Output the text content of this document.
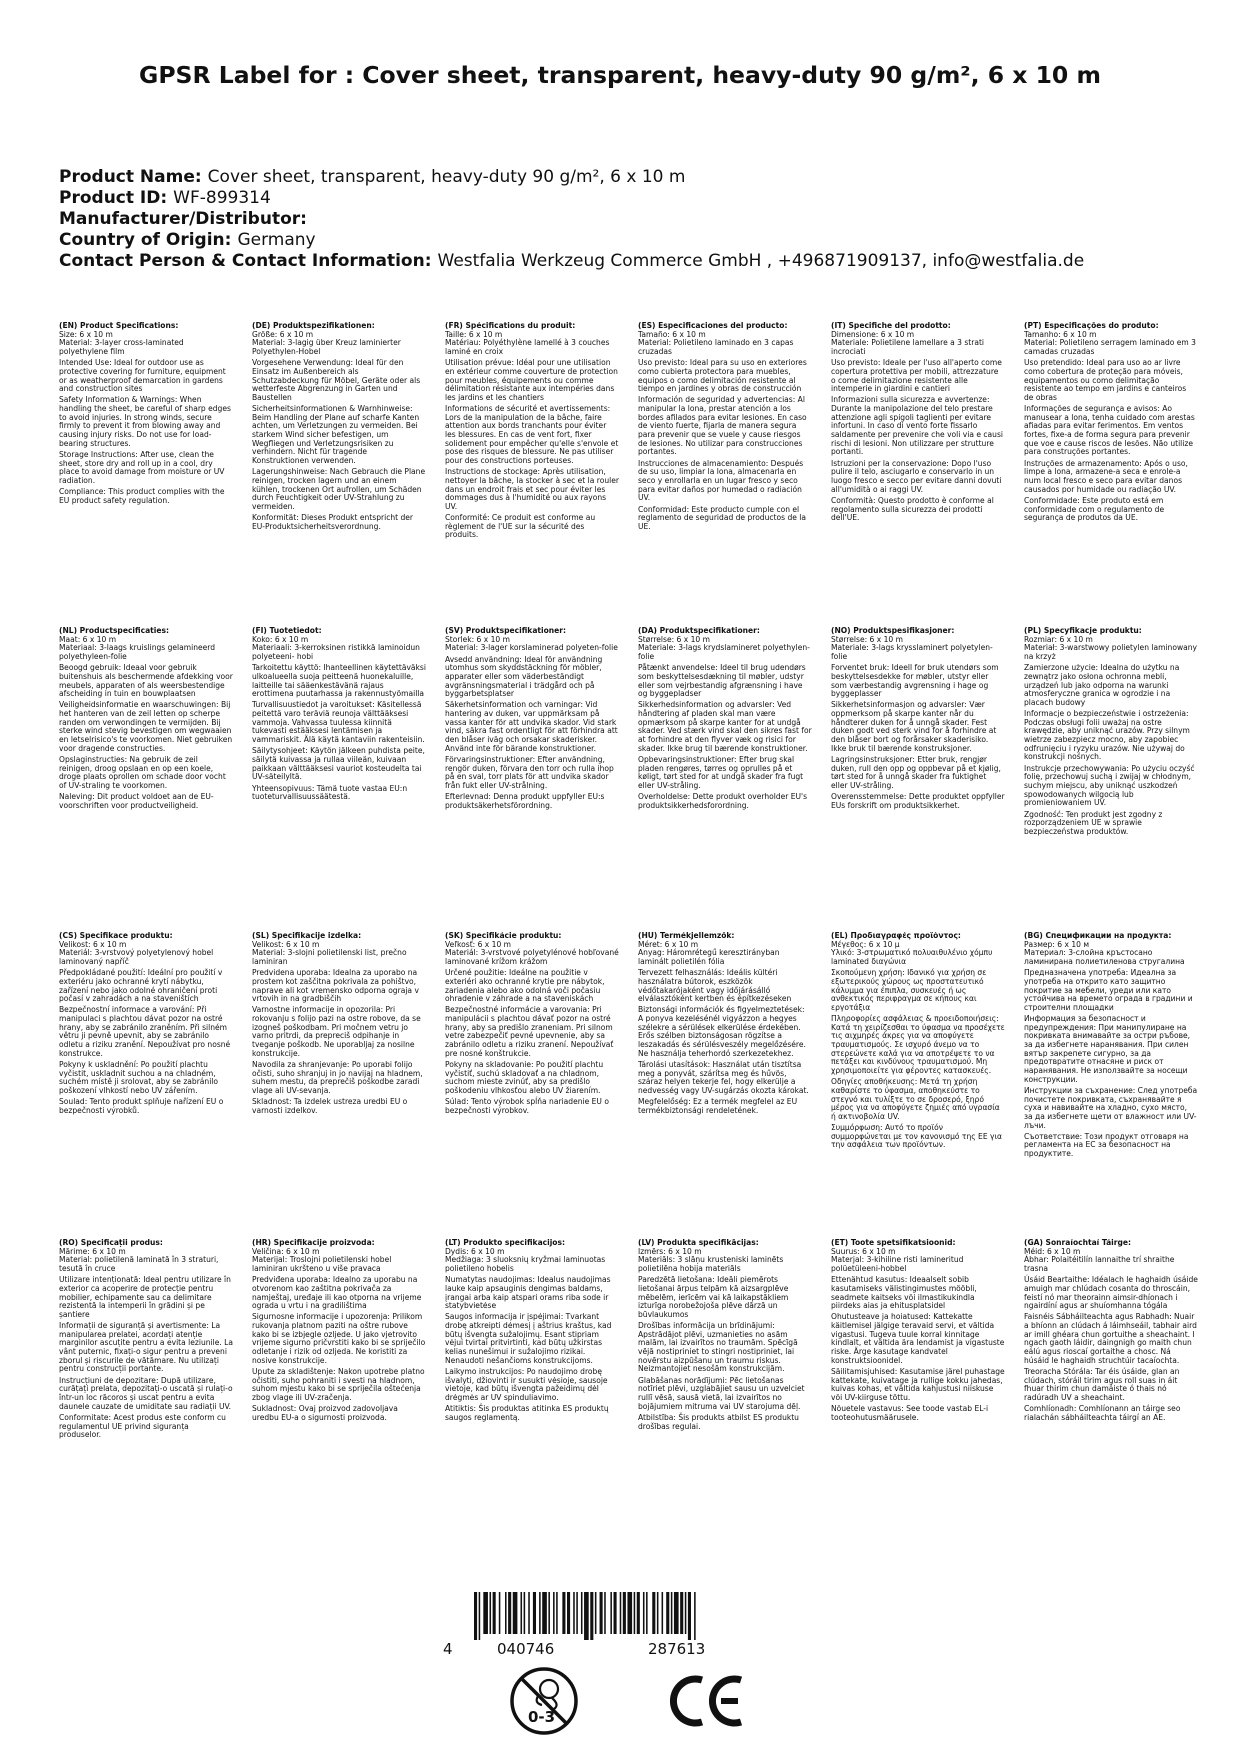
GPSR Label for : Cover sheet, transparent, heavy-duty 90 g/m², 6 x 10 m
Product Name: Cover sheet, transparent, heavy-duty 90 g/m², 6 x 10 m
Product ID: WF-899314
Manufacturer/Distributor:
Country of Origin: Germany
Contact Person & Contact Information: Westfalia Werkzeug Commerce GmbH , +496871909137, info@westfalia.de
(EN) Product Specifications:

Size: 6 x 10 m
Material: 3-layer cross-laminated polyethylene film

Intended Use: Ideal for outdoor use as protective covering for furniture, equipment or as weatherproof demarcation in gardens and construction sites

Safety Information & Warnings: When handling the sheet, be careful of sharp edges to avoid injuries. In strong winds, secure firmly to prevent it from blowing away and causing injury risks. Do not use for load-bearing structures.

Storage Instructions: After use, clean the sheet, store dry and roll up in a cool, dry place to avoid damage from moisture or UV radiation.

Compliance: This product complies with the EU product safety regulation.

(DE) Produktspezifikationen:

Größe: 6 x 10 m
Material: 3-lagig über Kreuz laminierter Polyethylen-Hobel

Vorgesehene Verwendung: Ideal für den Einsatz im Außenbereich als Schutzabdeckung für Möbel, Geräte oder als wetterfeste Abgrenzung in Garten und Baustellen

Sicherheitsinformationen & Warnhinweise: Beim Handling der Plane auf scharfe Kanten achten, um Verletzungen zu vermeiden. Bei starkem Wind sicher befestigen, um Wegfliegen und Verletzungsrisiken zu verhindern. Nicht für tragende Konstruktionen verwenden.

Lagerungshinweise: Nach Gebrauch die Plane reinigen, trocken lagern und an einem kühlen, trockenen Ort aufrollen, um Schäden durch Feuchtigkeit oder UV-Strahlung zu vermeiden.

Konformität: Dieses Produkt entspricht der EU-Produktsicherheitsverordnung.

(FR) Spécifications du produit:

Taille: 6 x 10 m
Matériau: Polyéthylène lamellé à 3 couches laminé en croix

Utilisation prévue: Idéal pour une utilisation en extérieur comme couverture de protection pour meubles, équipements ou comme délimitation résistante aux intempéries dans les jardins et les chantiers

Informations de sécurité et avertissements: Lors de la manipulation de la bâche, faire attention aux bords tranchants pour éviter les blessures. En cas de vent fort, fixer solidement pour empêcher qu'elle s'envole et pose des risques de blessure. Ne pas utiliser pour des constructions porteuses.

Instructions de stockage: Après utilisation, nettoyer la bâche, la stocker à sec et la rouler dans un endroit frais et sec pour éviter les dommages dus à l'humidité ou aux rayons UV.

Conformité: Ce produit est conforme au règlement de l'UE sur la sécurité des produits.

(ES) Especificaciones del producto:

Tamaño: 6 x 10 m
Material: Polietileno laminado en 3 capas cruzadas

Uso previsto: Ideal para su uso en exteriores como cubierta protectora para muebles, equipos o como delimitación resistente al tiempo en jardines y obras de construcción

Información de seguridad y advertencias: Al manipular la lona, prestar atención a los bordes afilados para evitar lesiones. En caso de viento fuerte, fijarla de manera segura para prevenir que se vuele y cause riesgos de lesiones. No utilizar para construcciones portantes.

Instrucciones de almacenamiento: Después de su uso, limpiar la lona, almacenarla en seco y enrollarla en un lugar fresco y seco para evitar daños por humedad o radiación UV.

Conformidad: Este producto cumple con el reglamento de seguridad de productos de la UE.

(IT) Specifiche del prodotto:

Dimensione: 6 x 10 m
Materiale: Polietilene lamellare a 3 strati incrociati

Uso previsto: Ideale per l'uso all'aperto come copertura protettiva per mobili, attrezzature o come delimitazione resistente alle intemperie in giardini e cantieri

Informazioni sulla sicurezza e avvertenze: Durante la manipolazione del telo prestare attenzione agli spigoli taglienti per evitare infortuni. In caso di vento forte fissarlo saldamente per prevenire che voli via e causi rischi di lesioni. Non utilizzare per strutture portanti.

Istruzioni per la conservazione: Dopo l'uso pulire il telo, asciugarlo e conservarlo in un luogo fresco e secco per evitare danni dovuti all'umidità o ai raggi UV.

Conformità: Questo prodotto è conforme al regolamento sulla sicurezza dei prodotti dell'UE.

(PT) Especificações do produto:

Tamanho: 6 x 10 m
Material: Polietileno serragem laminado em 3 camadas cruzadas

Uso pretendido: Ideal para uso ao ar livre como cobertura de proteção para móveis, equipamentos ou como delimitação resistente ao tempo em jardins e canteiros de obras

Informações de segurança e avisos: Ao manusear a lona, tenha cuidado com arestas afiadas para evitar ferimentos. Em ventos fortes, fixe-a de forma segura para prevenir que voe e cause riscos de lesões. Não utilize para construções portantes.

Instruções de armazenamento: Após o uso, limpe a lona, armazene-a seca e enrole-a num local fresco e seco para evitar danos causados por humidade ou radiação UV.

Conformidade: Este produto está em conformidade com o regulamento de segurança de produtos da UE.

(NL) Productspecificaties:

Maat: 6 x 10 m
Materiaal: 3-laags kruislings gelamineerd polyethyleen-folie

Beoogd gebruik: Ideaal voor gebruik buitenshuis als beschermende afdekking voor meubels, apparaten of als weersbestendige afscheiding in tuin en bouwplaatsen

Veiligheidsinformatie en waarschuwingen: Bij het hanteren van de zeil letten op scherpe randen om verwondingen te vermijden. Bij sterke wind stevig bevestigen om wegwaaien en letselrisico's te voorkomen. Niet gebruiken voor dragende constructies.

Opslaginstructies: Na gebruik de zeil reinigen, droog opslaan en op een koele, droge plaats oprollen om schade door vocht of UV-straling te voorkomen.

Naleving: Dit product voldoet aan de EU-voorschriften voor productveiligheid.

(FI) Tuotetiedot:

Koko: 6 x 10 m
Materiaali: 3-kerroksinen ristikkä laminoidun polyeteeni- hobi

Tarkoitettu käyttö: Ihanteellinen käytettäväksi ulkoalueella suoja peitteenä huonekaluille, laitteille tai sääenkestävänä rajaus erottimena puutarhassa ja rakennustyömailla

Turvallisuustiedot ja varoitukset: Käsitellessä peitettä varo teräviä reunoja välttääksesi vammoja. Vahvassa tuulessa kiinnitä tukevasti estääksesi lentämisen ja vammariskit. Älä käytä kantaviin rakenteisiin.

Säilytysohjeet: Käytön jälkeen puhdista peite, säilytä kuivassa ja rullaa viileän, kuivaan paikkaan välttääksesi vauriot kosteudelta tai UV-säteilyltä.

Yhteensopivuus: Tämä tuote vastaa EU:n tuoteturvallisuussäätestä.

(SV) Produktspecifikationer:

Storlek: 6 x 10 m
Material: 3-lager korslaminerad polyeten-folie

Avsedd användning: Ideal för användning utomhus som skyddstäckning för möbler, apparater eller som väderbeständigt avgränsningsmaterial i trädgård och på byggarbetsplatser

Säkerhetsinformation och varningar: Vid hantering av duken, var uppmärksam på vassa kanter för att undvika skador. Vid stark vind, säkra fast ordentligt för att förhindra att den blåser iväg och orsakar skaderisker. Använd inte för bärande konstruktioner.

Förvaringsinstruktioner: Efter användning, rengör duken, förvara den torr och rulla ihop på en sval, torr plats för att undvika skador från fukt eller UV-strålning.

Efterlevnad: Denna produkt uppfyller EU:s produktsäkerhetsförordning.

(DA) Produktspecifikationer:

Størrelse: 6 x 10 m
Materiale: 3-lags krydslamineret polyethylen-folie

Påtænkt anvendelse: Ideel til brug udendørs som beskyttelsesdækning til møbler, udstyr eller som vejrbestandig afgrænsning i have og byggepladser

Sikkerhedsinformation og advarsler: Ved håndtering af pladen skal man være opmærksom på skarpe kanter for at undgå skader. Ved stærk vind skal den sikres fast for at forhindre at den flyver væk og risici for skader. Ikke brug til bærende konstruktioner.

Opbevaringsinstruktioner: Efter brug skal pladen rengøres, tørres og oprulles på et køligt, tørt sted for at undgå skader fra fugt eller UV-stråling.

Overholdelse: Dette produkt overholder EU's produktsikkerhedsforordning.

(NO) Produktspesifikasjoner:

Størrelse: 6 x 10 m
Materiale: 3-lags krysslaminert polyetylen-folie

Forventet bruk: Ideell for bruk utendørs som beskyttelsesdekke for møbler, utstyr eller som værbestandig avgrensning i hage og byggeplasser

Sikkerhetsinformasjon og advarsler: Vær oppmerksom på skarpe kanter når du håndterer duken for å unngå skader. Fest duken godt ved sterk vind for å forhindre at den blåser bort og forårsaker skaderisiko. Ikke bruk til bærende konstruksjoner.

Lagringsinstruksjoner: Etter bruk, rengjør duken, rull den opp og oppbevar på et kjølig, tørt sted for å unngå skader fra fuktighet eller UV-stråling.

Overensstemmelse: Dette produktet oppfyller EUs forskrift om produktsikkerhet.

(PL) Specyfikacje produktu:

Rozmiar: 6 x 10 m
Materiał: 3-warstwowy polietylen laminowany na krzyż

Zamierzone użycie: Idealna do użytku na zewnątrz jako osłona ochronna mebli, urządzeń lub jako odporna na warunki atmosferyczne granica w ogrodzie i na placach budowy

Informacje o bezpieczeństwie i ostrzeżenia: Podczas obsługi folii uważaj na ostre krawędzie, aby uniknąć urazów. Przy silnym wietrze zabezpiecz mocno, aby zapobiec odfrunięciu i ryzyku urazów. Nie używaj do konstrukcji nośnych.

Instrukcje przechowywania: Po użyciu oczyść folię, przechowuj suchą i zwijaj w chłodnym, suchym miejscu, aby uniknąć uszkodzeń spowodowanych wilgocią lub promieniowaniem UV.

Zgodność: Ten produkt jest zgodny z rozporządzeniem UE w sprawie bezpieczeństwa produktów.

(CS) Specifikace produktu:

Velikost: 6 x 10 m
Materiál: 3-vrstvový polyetylenový hobel laminovaný napříč

Předpokládané použití: Ideální pro použití v exteriéru jako ochranné krytí nábytku, zařízení nebo jako odolné ohraničení proti počasí v zahradách a na staveništích

Bezpečnostní informace a varování: Při manipulaci s plachtou dávat pozor na ostré hrany, aby se zabránilo zraněním. Při silném větru ji pevně upevnit, aby se zabránilo odletu a riziku zranění. Nepoužívat pro nosné konstrukce.

Pokyny k uskladnění: Po použití plachtu vyčistit, uskladnit suchou a na chladném, suchém místě ji srolovat, aby se zabránilo poškození vlhkostí nebo UV zářením.

Soulad: Tento produkt splňuje nařízení EU o bezpečnosti výrobků.

(SL) Specifikacije izdelka:

Velikost: 6 x 10 m
Material: 3-slojni polietilenski list, prečno laminiran

Predvidena uporaba: Idealna za uporabo na prostem kot zaščitna pokrivala za pohištvo, naprave ali kot vremensko odporna ograja v vrtovih in na gradbiščih

Varnostne informacije in opozorila: Pri rokovanju s folijo pazi na ostre robove, da se izogneš poškodbam. Pri močnem vetru jo varno pritrdi, da prepreciš odpihanje in tveganje poškodb. Ne uporabljaj za nosilne konstrukcije.

Navodila za shranjevanje: Po uporabi folijo očisti, suho shranjuj in jo navijaj na hladnem, suhem mestu, da preprečiš poškodbe zaradi vlage ali UV-sevanja.

Skladnost: Ta izdelek ustreza uredbi EU o varnosti izdelkov.

(SK) Špecifikácie produktu:

Veľkosť: 6 x 10 m
Materiál: 3-vrstvové polyetylénové hobľované laminované krížom krážom

Určené použitie: Ideálne na použitie v exteriéri ako ochranné krytie pre nábytok, zariadenia alebo ako odolná voči počasiu ohradenie v záhrade a na staveniskách

Bezpečnostné informácie a varovania: Pri manipulácii s plachtou dávať pozor na ostré hrany, aby sa predišlo zraneniam. Pri silnom vetre zabezpečiť pevné upevnenie, aby sa zabránilo odletu a riziku zranení. Nepoužívať pre nosné konštrukcie.

Pokyny na skladovanie: Po použití plachtu vyčistiť, suchú skladovať a na chladnom, suchom mieste zvinúť, aby sa predišlo poškodeniu vlhkosťou alebo UV žiarením.

Súlad: Tento výrobok spĺňa nariadenie EU o bezpečnosti výrobkov.

(HU) Termékjellemzők:

Méret: 6 x 10 m
Anyag: Háromrétegű keresztirányban laminált polietilén fólia

Tervezett felhasználás: Ideális kültéri használatra bútorok, eszközök védőtakarójaként vagy időjárásálló elválasztóként kertben és építkezéseken

Biztonsági információk és figyelmeztetések: A ponyva kezelésénél vigyázzon a hegyes szélekre a sérülések elkerülése érdekében. Erős szélben biztonságosan rögzítse a leszakadás és sérülésveszély megelőzésére. Ne használja teherhordó szerkezetekhez.

Tárolási utasítások: Használat után tisztítsa meg a ponyvát, szárítsa meg és hűvös, száraz helyen tekerje fel, hogy elkerülje a nedvesség vagy UV-sugárzás okozta károkat.

Megfelelőség: Ez a termék megfelel az EU termékbiztonsági rendeletének.

(EL) Προδιαγραφές προϊόντος:

Μέγεθος: 6 x 10 μ
Υλικό: 3-στρωματικό πολυαιθυλένιο χόμπυ laminated διαγώνια

Σκοπούμενη χρήση: Ιδανικό για χρήση σε εξωτερικούς χώρους ως προστατευτικό κάλυμμα για έπιπλα, συσκευές ή ως ανθεκτικός περιφραγμα σε κήπους και εργοτάξια

Πληροφορίες ασφάλειας & προειδοποιήσεις: Κατά τη χειρίζεσθαι το ύφασμα να προσέχετε τις αιχμηρές άκρες για να αποφύγετε τραυματισμούς. Σε ισχυρό άνεμο να το στερεώνετε καλά για να αποτρέψετε το να πετάξει και κινδύνους τραυματισμού. Μη χρησιμοποιείτε για φέροντες κατασκευές.

Οδηγίες αποθήκευσης: Μετά τη χρήση καθαρίστε το ύφασμα, αποθηκεύστε το στεγνό και τυλίξτε το σε δροσερό, ξηρό μέρος για να αποφύγετε ζημιές από υγρασία ή ακτινοβολία UV.

Συμμόρφωση: Αυτό το προϊόν συμμορφώνεται με τον κανονισμό της ΕΕ για την ασφάλεια των προϊόντων.

(BG) Спецификации на продукта:

Размер: 6 x 10 м
Материал: 3-слойна кръстосано ламинирана полиетиленова стругалина

Предназначена употреба: Идеална за употреба на открито като защитно покритие за мебели, уреди или като устойчива на времето ограда в градини и строителни площадки

Информация за безопасност и предупреждения: При манипулиране на покривката внимавайте за остри ръбове, за да избегнете наранявания. При силен вятър закрепете сигурно, за да предотвратите отнасяне и риск от наранявания. Не използвайте за носещи конструкции.

Инструкции за съхранение: След употреба почистете покривката, съхранявайте я суха и навивайте на хладно, сухо място, за да избегнете щети от влажност или UV-лъчи.

Съответствие: Този продукт отговаря на регламента на ЕС за безопасност на продуктите.

(RO) Specificații produs:

Mărime: 6 x 10 m
Material: polietilenă laminată în 3 straturi, tesută în cruce

Utilizare intenționată: Ideal pentru utilizare în exterior ca acoperire de protecție pentru mobilier, echipamente sau ca delimitare rezistentă la intemperii în grădini și pe șantiere

Informații de siguranță și avertismente: La manipularea prelatei, acordați atenție marginilor ascuțite pentru a evita leziunile. La vânt puternic, fixați-o sigur pentru a preveni zborul și riscurile de vătămare. Nu utilizați pentru construcții portante.

Instrucțiuni de depozitare: După utilizare, curățați prelata, depozitați-o uscată și rulați-o într-un loc răcoros și uscat pentru a evita daunele cauzate de umiditate sau radiații UV.

Conformitate: Acest produs este conform cu regulamentul UE privind siguranța produselor.

(HR) Specifikacije proizvoda:

Veličina: 6 x 10 m
Materijal: Troslojni polietilenski hobel laminiran ukršteno u više pravaca

Predviđena uporaba: Idealno za uporabu na otvorenom kao zaštitna pokrivača za namještaj, uređaje ili kao otporna na vrijeme ograda u vrtu i na gradilištima

Sigurnosne informacije i upozorenja: Prilikom rukovanja platnom paziti na oštre rubove kako bi se izbjegle ozljede. U jako vjetrovito vrijeme sigurno pričvrstiti kako bi se spriječilo odletanje i rizik od ozljeda. Ne koristiti za nosive konstrukcije.

Upute za skladištenje: Nakon upotrebe platno očistiti, suho pohraniti i svesti na hladnom, suhom mjestu kako bi se spriječila oštećenja zbog vlage ili UV-zračenja.

Sukladnost: Ovaj proizvod zadovoljava uredbu EU-a o sigurnosti proizvoda.

(LT) Produkto specifikacijos:

Dydis: 6 x 10 m
Medžiaga: 3 sluoksnių kryžmai laminuotas polietileno hobelis

Numatytas naudojimas: Idealus naudojimas lauke kaip apsauginis dengimas baldams, įrangai arba kaip atspari orams riba sode ir statybvietėse

Saugos informacija ir įspėjimai: Tvarkant drobę atkreipti dėmesį į aštrius kraštus, kad būtų išvengta sužalojimų. Esant stipriam vėjui tvirtai pritvirtinti, kad būtų užkirstas kelias nunešimui ir sužalojimo rizikai. Nenaudoti nešančioms konstrukcijoms.

Laikymo instrukcijos: Po naudojimo drobę išvalyti, džiovinti ir susukti vėsioje, sausoje vietoje, kad būtų išvengta pažeidimų dėl drėgmės ar UV spinduliavimo.

Atitiktis: Šis produktas atitinka ES produktų saugos reglamentą.

(LV) Produkta specifikācijas:

Izmērs: 6 x 10 m
Materiāls: 3 slāņu krusteniski laminēts polietilēna hobija materiāls

Paredzētā lietošana: Ideāli piemērots lietošanai ārpus telpām kā aizsargplēve mēbelēm, ierīcēm vai kā laikapstākliem izturīga norobežojoša plēve dārzā un būvlaukumos

Drošības informācija un brīdinājumi: Apstrādājot plēvi, uzmanieties no asām malām, lai izvairītos no traumām. Spēcīgā vējā nostipriniet to stingri nostipriniet, lai novērstu aizpūšanu un traumu riskus. Neizmantojiet nesošām konstrukcijām.

Glabāšanas norādījumi: Pēc lietošanas notīriet plēvi, uzglabājiet sausu un uzvelciet rullī vēsā, sausā vietā, lai izvairītos no bojājumiem mitruma vai UV starojuma dēļ.

Atbilstība: Šis produkts atbilst ES produktu drošības regulai.

(ET) Toote spetsifikatsioonid:

Suurus: 6 x 10 m
Materjal: 3-kihiline risti lamineritud polüetüleeni-hobbel

Ettenähtud kasutus: Ideaalselt sobib kasutamiseks välistingimustes mööbli, seadmete kaitseks või ilmastikukindla piirdeks aias ja ehitusplatsidel

Ohutusteave ja hoiatused: Kattekatte käitlemisel jälgige teravaid servi, et vältida vigastusi. Tugeva tuule korral kinnitage kindlalt, et vältida ära lendamist ja vigastuste riske. Ärge kasutage kandvatel konstruktsioonidel.

Säilitamisjuhised: Kasutamise järel puhastage kattekate, kuivatage ja rullige kokku jahedas, kuivas kohas, et vältida kahjustusi niiskuse või UV-kiirguse tõttu.

Nõuetele vastavus: See toode vastab EL-i tooteohutusmäärusele.

(GA) Sonraíochtaí Táirge:

Méid: 6 x 10 m
Ábhar: Polaitéitilín lannaithe trí shraithe trasna

Úsáid Beartaithe: Idéalach le haghaidh úsáide amuigh mar chlúdach cosanta do throscáin, feistí nó mar theorainn aimsir-dhíonach i ngairdíní agus ar shuíomhanna tógála

Faisnéis Sábháilteachta agus Rabhadh: Nuair a bhíonn an clúdach á láimhseáil, tabhair aird ar imill ghéara chun gortuithe a sheachaint. I ngach gaoth láidir, daingnigh go maith chun eálú agus rioscaí gortaithe a chosc. Ná húsáid le haghaidh struchtúir tacaíochta.

Treoracha Stórála: Tar éis úsáide, glan an clúdach, stóráil tirim agus roll suas in áit fhuar thirim chun damáiste ó thais nó radúradh UV a sheachaint.

Comhlíonadh: Comhlíonann an táirge seo rialachán sábháilteachta táirgí an AE.

4	040746	287613
0-3
